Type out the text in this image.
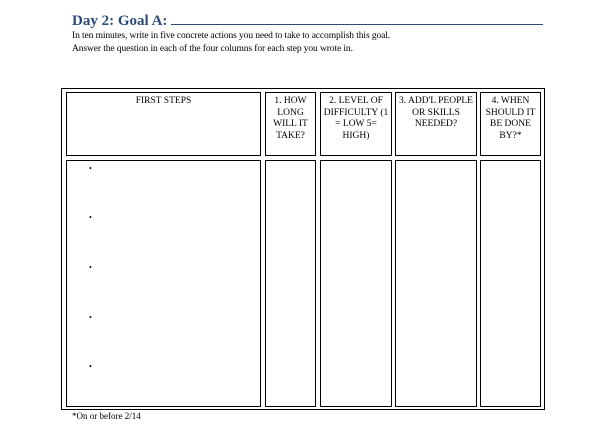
Day 2: Goal A:
In ten minutes, write in five concrete actions you need to take to accomplish this goal.
Answer the question in each of the four columns for each step you wrote in.
FIRST STEPS	1. HOW LONG WILL IT TAKE?
2. LEVEL OF DIFFICULTY (1 = LOW 5= HIGH)
3. ADD'L PEOPLE OR SKILLS NEEDED?
4. WHEN SHOULD IT BE DONE BY?*
•
•
•
•
•
*On or before 2/14
